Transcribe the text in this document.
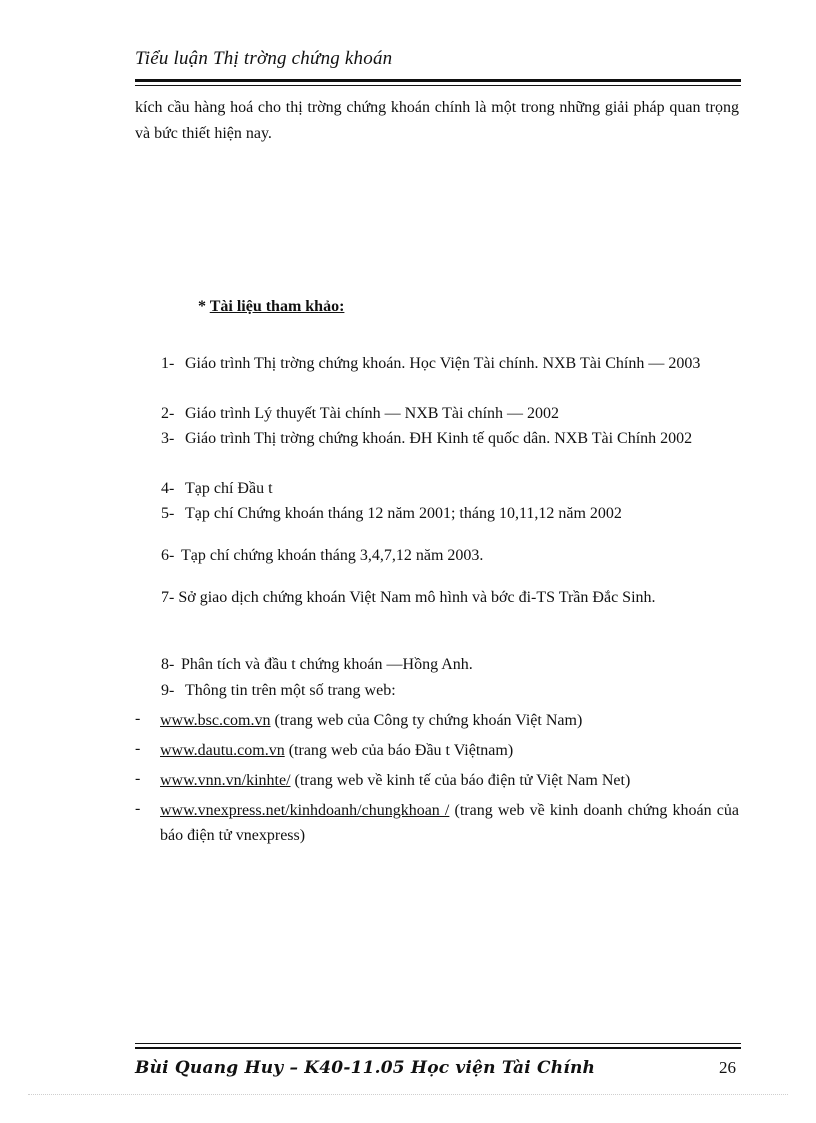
Tiểu luận Thị trờng chứng khoán
kích cầu hàng hoá cho thị trờng chứng khoán chính là một trong những giải pháp quan trọng và bức thiết hiện nay.
* Tài liệu tham khảo:
1- Giáo trình Thị trờng chứng khoán. Học Viện Tài chính. NXB Tài Chính — 2003
2- Giáo trình Lý thuyết Tài chính — NXB Tài chính — 2002
3- Giáo trình Thị trờng chứng khoán. ĐH Kinh tế quốc dân. NXB Tài Chính 2002
4- Tạp chí Đầu t
5- Tạp chí Chứng khoán tháng 12 năm 2001; tháng 10,11,12 năm 2002
6- Tạp chí chứng khoán tháng 3,4,7,12 năm 2003.
7- Sở giao dịch chứng khoán Việt Nam mô hình và bớc đi-TS Trần Đắc Sinh.
8- Phân tích và đầu t chứng khoán —Hồng Anh.
9- Thông tin trên một số trang web:
- www.bsc.com.vn (trang web của Công ty chứng khoán Việt Nam)
- www.dautu.com.vn (trang web của báo Đầu t Việtnam)
- www.vnn.vn/kinhte/ (trang web về kinh tế của báo điện tử Việt Nam Net)
- www.vnexpress.net/kinhdoanh/chungkhoan / (trang web về kinh doanh chứng khoán của báo điện tử vnexpress)
Bùi Quang Huy – K40-11.05 Học viện Tài Chính	26
